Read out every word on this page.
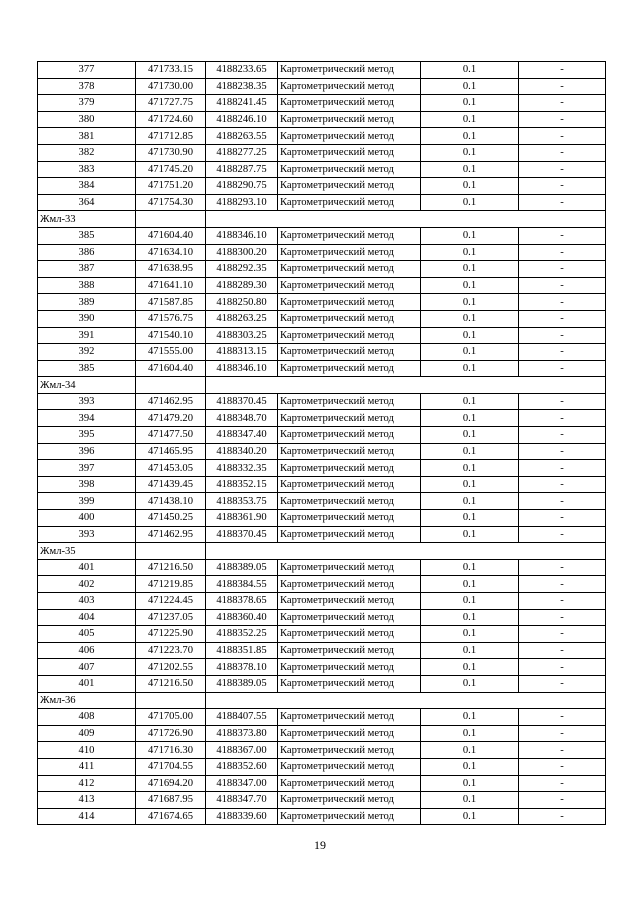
377	471733.15	4188233.65	Картометрический метод	0.1	-
378	471730.00	4188238.35	Картометрический метод	0.1	-
379	471727.75	4188241.45	Картометрический метод	0.1	-
380	471724.60	4188246.10	Картометрический метод	0.1	-
381	471712.85	4188263.55	Картометрический метод	0.1	-
382	471730.90	4188277.25	Картометрический метод	0.1	-
383	471745.20	4188287.75	Картометрический метод	0.1	-
384	471751.20	4188290.75	Картометрический метод	0.1	-
364	471754.30	4188293.10	Картометрический метод	0.1	-
Жмл-33					
385	471604.40	4188346.10	Картометрический метод	0.1	-
386	471634.10	4188300.20	Картометрический метод	0.1	-
387	471638.95	4188292.35	Картометрический метод	0.1	-
388	471641.10	4188289.30	Картометрический метод	0.1	-
389	471587.85	4188250.80	Картометрический метод	0.1	-
390	471576.75	4188263.25	Картометрический метод	0.1	-
391	471540.10	4188303.25	Картометрический метод	0.1	-
392	471555.00	4188313.15	Картометрический метод	0.1	-
385	471604.40	4188346.10	Картометрический метод	0.1	-
Жмл-34					
393	471462.95	4188370.45	Картометрический метод	0.1	-
394	471479.20	4188348.70	Картометрический метод	0.1	-
395	471477.50	4188347.40	Картометрический метод	0.1	-
396	471465.95	4188340.20	Картометрический метод	0.1	-
397	471453.05	4188332.35	Картометрический метод	0.1	-
398	471439.45	4188352.15	Картометрический метод	0.1	-
399	471438.10	4188353.75	Картометрический метод	0.1	-
400	471450.25	4188361.90	Картометрический метод	0.1	-
393	471462.95	4188370.45	Картометрический метод	0.1	-
Жмл-35					
401	471216.50	4188389.05	Картометрический метод	0.1	-
402	471219.85	4188384.55	Картометрический метод	0.1	-
403	471224.45	4188378.65	Картометрический метод	0.1	-
404	471237.05	4188360.40	Картометрический метод	0.1	-
405	471225.90	4188352.25	Картометрический метод	0.1	-
406	471223.70	4188351.85	Картометрический метод	0.1	-
407	471202.55	4188378.10	Картометрический метод	0.1	-
401	471216.50	4188389.05	Картометрический метод	0.1	-
Жмл-36					
408	471705.00	4188407.55	Картометрический метод	0.1	-
409	471726.90	4188373.80	Картометрический метод	0.1	-
410	471716.30	4188367.00	Картометрический метод	0.1	-
411	471704.55	4188352.60	Картометрический метод	0.1	-
412	471694.20	4188347.00	Картометрический метод	0.1	-
413	471687.95	4188347.70	Картометрический метод	0.1	-
414	471674.65	4188339.60	Картометрический метод	0.1	-
19
